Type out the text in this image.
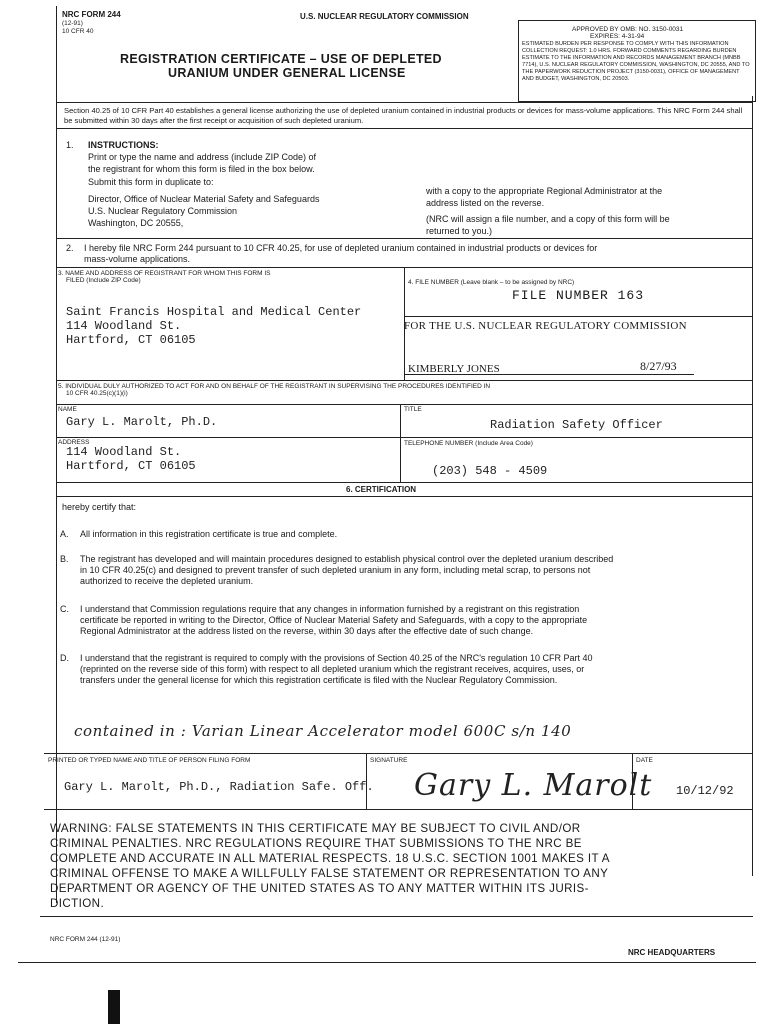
NRC FORM 244
(12-91)
10 CFR 40
U.S. NUCLEAR REGULATORY COMMISSION
REGISTRATION CERTIFICATE – USE OF DEPLETED
URANIUM UNDER GENERAL LICENSE
APPROVED BY OMB: NO. 3150-0031
EXPIRES: 4-31-94
ESTIMATED BURDEN PER RESPONSE TO COMPLY WITH THIS INFORMATION COLLECTION REQUEST: 1.0 HRS. FORWARD COMMENTS REGARDING BURDEN ESTIMATE TO THE INFORMATION AND RECORDS MANAGEMENT BRANCH (MNBB 7714), U.S. NUCLEAR REGULATORY COMMISSION, WASHINGTON, DC 20555, AND TO THE PAPERWORK REDUCTION PROJECT (3150-0031), OFFICE OF MANAGEMENT AND BUDGET, WASHINGTON, DC 20503.
Section 40.25 of 10 CFR Part 40 establishes a general license authorizing the use of depleted uranium contained in industrial products or devices for mass-volume applications. This NRC Form 244 shall be submitted within 30 days after the first receipt or acquisition of such depleted uranium.
1. INSTRUCTIONS:
Print or type the name and address (include ZIP Code) of
the registrant for whom this form is filed in the box below.
Submit this form in duplicate to:
Director, Office of Nuclear Material Safety and Safeguards
U.S. Nuclear Regulatory Commission
Washington, DC 20555,
with a copy to the appropriate Regional Administrator at the
address listed on the reverse.
(NRC will assign a file number, and a copy of this form will be
returned to you.)
2. I hereby file NRC Form 244 pursuant to 10 CFR 40.25, for use of depleted uranium contained in industrial products or devices for
mass-volume applications.
3. NAME AND ADDRESS OF REGISTRANT FOR WHOM THIS FORM IS
FILED (Include ZIP Code)
Saint Francis Hospital and Medical Center
114 Woodland St.
Hartford, CT 06105
4. FILE NUMBER (Leave blank – to be assigned by NRC)
FILE NUMBER 163
FOR THE U.S. NUCLEAR REGULATORY COMMISSION
KIMBERLY JONES	8/27/93
5. INDIVIDUAL DULY AUTHORIZED TO ACT FOR AND ON BEHALF OF THE REGISTRANT IN SUPERVISING THE PROCEDURES IDENTIFIED IN
10 CFR 40.25(c)(1)(i)
NAME
Gary L. Marolt, Ph.D.
TITLE
Radiation Safety Officer
ADDRESS
114 Woodland St.
Hartford, CT 06105
TELEPHONE NUMBER (Include Area Code)
(203) 548 - 4509
6. CERTIFICATION
hereby certify that:
A. All information in this registration certificate is true and complete.
B. The registrant has developed and will maintain procedures designed to establish physical control over the depleted uranium described
in 10 CFR 40.25(c) and designed to prevent transfer of such depleted uranium in any form, including metal scrap, to persons not
authorized to receive the depleted uranium.
C. I understand that Commission regulations require that any changes in information furnished by a registrant on this registration
certificate be reported in writing to the Director, Office of Nuclear Material Safety and Safeguards, with a copy to the appropriate
Regional Administrator at the address listed on the reverse, within 30 days after the effective date of such change.
D. I understand that the registrant is required to comply with the provisions of Section 40.25 of the NRC's regulation 10 CFR Part 40
(reprinted on the reverse side of this form) with respect to all depleted uranium which the registrant receives, acquires, uses, or
transfers under the general license for which this registration certificate is filed with the Nuclear Regulatory Commission.
contained in : Varian Linear Accelerator model 600C s/n 140
PRINTED OR TYPED NAME AND TITLE OF PERSON FILING FORM
Gary L. Marolt, Ph.D., Radiation Safe. Off.
SIGNATURE
Gary L. Marolt
DATE
10/12/92
WARNING: FALSE STATEMENTS IN THIS CERTIFICATE MAY BE SUBJECT TO CIVIL AND/OR
CRIMINAL PENALTIES. NRC REGULATIONS REQUIRE THAT SUBMISSIONS TO THE NRC BE
COMPLETE AND ACCURATE IN ALL MATERIAL RESPECTS. 18 U.S.C. SECTION 1001 MAKES IT A
CRIMINAL OFFENSE TO MAKE A WILLFULLY FALSE STATEMENT OR REPRESENTATION TO ANY
DEPARTMENT OR AGENCY OF THE UNITED STATES AS TO ANY MATTER WITHIN ITS JURIS-
DICTION.
NRC FORM 244 (12-91)
NRC HEADQUARTERS
